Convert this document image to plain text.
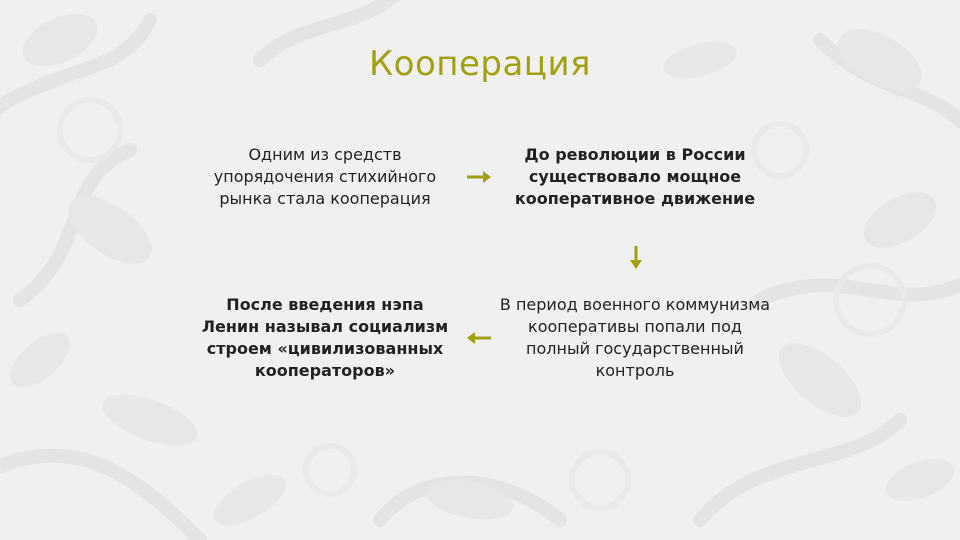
Кооперация
Одним из средств упорядочения стихийного рынка стала кооперация
До революции в России существовало мощное кооперативное движение
В период военного коммунизма кооперативы попали под полный государственный контроль
После введения нэпа Ленин называл социализм строем «цивилизованных кооператоров»
